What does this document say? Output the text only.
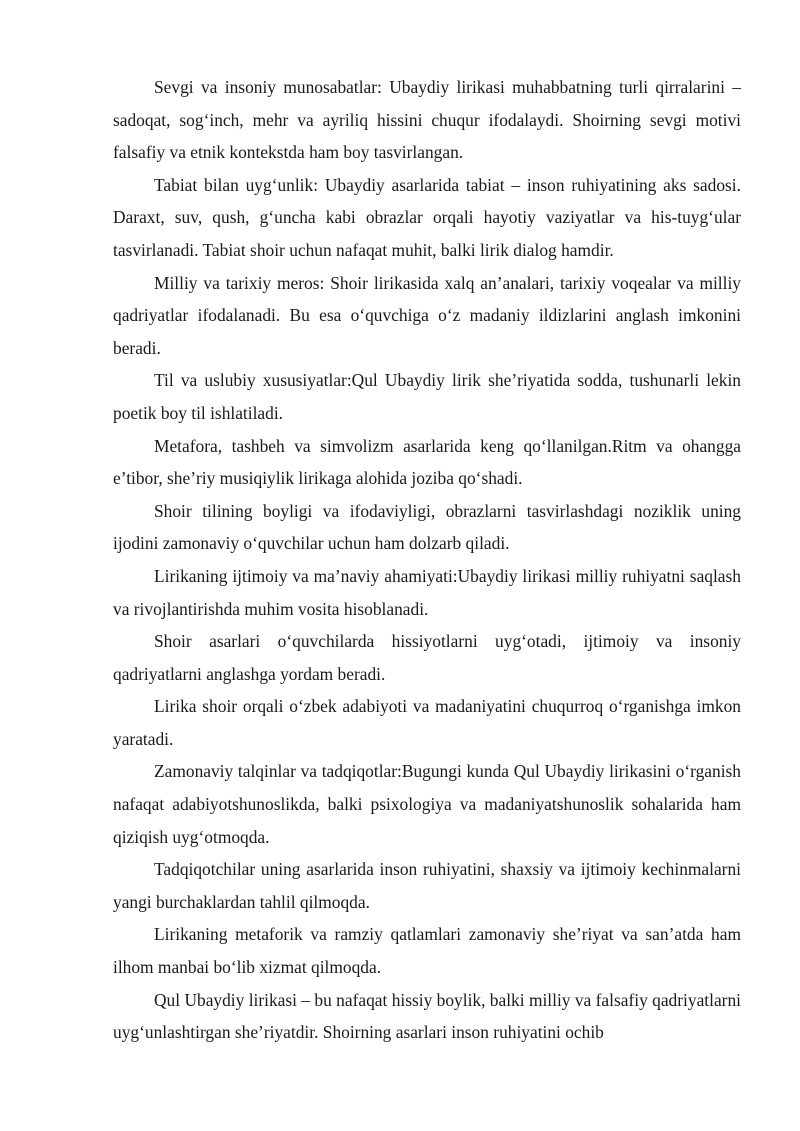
Sevgi va insoniy munosabatlar: Ubaydiy lirikasi muhabbatning turli qirralarini – sadoqat, sog‘inch, mehr va ayriliq hissini chuqur ifodalaydi. Shoirning sevgi motivi falsafiy va etnik kontekstda ham boy tasvirlangan.

Tabiat bilan uyg‘unlik: Ubaydiy asarlarida tabiat – inson ruhiyatining aks sadosi. Daraxt, suv, qush, g‘uncha kabi obrazlar orqali hayotiy vaziyatlar va his-tuyg‘ular tasvirlanadi. Tabiat shoir uchun nafaqat muhit, balki lirik dialog hamdir.

Milliy va tarixiy meros: Shoir lirikasida xalq an’analari, tarixiy voqealar va milliy qadriyatlar ifodalanadi. Bu esa o‘quvchiga o‘z madaniy ildizlarini anglash imkonini beradi.

Til va uslubiy xususiyatlar:Qul Ubaydiy lirik she’riyatida sodda, tushunarli lekin poetik boy til ishlatiladi.

Metafora, tashbeh va simvolizm asarlarida keng qo‘llanilgan.Ritm va ohangga e’tibor, she’riy musiqiylik lirikaga alohida joziba qo‘shadi.

Shoir tilining boyligi va ifodaviyligi, obrazlarni tasvirlashdagi noziklik uning ijodini zamonaviy o‘quvchilar uchun ham dolzarb qiladi.

Lirikaning ijtimoiy va ma’naviy ahamiyati:Ubaydiy lirikasi milliy ruhiyatni saqlash va rivojlantirishda muhim vosita hisoblanadi.

Shoir asarlari o‘quvchilarda hissiyotlarni uyg‘otadi, ijtimoiy va insoniy qadriyatlarni anglashga yordam beradi.

Lirika shoir orqali o‘zbek adabiyoti va madaniyatini chuqurroq o‘rganishga imkon yaratadi.

Zamonaviy talqinlar va tadqiqotlar:Bugungi kunda Qul Ubaydiy lirikasini o‘rganish nafaqat adabiyotshunoslikda, balki psixologiya va madaniyatshunoslik sohalarida ham qiziqish uyg‘otmoqda.

Tadqiqotchilar uning asarlarida inson ruhiyatini, shaxsiy va ijtimoiy kechinmalarni yangi burchaklardan tahlil qilmoqda.

Lirikaning metaforik va ramziy qatlamlari zamonaviy she’riyat va san’atda ham ilhom manbai bo‘lib xizmat qilmoqda.

Qul Ubaydiy lirikasi – bu nafaqat hissiy boylik, balki milliy va falsafiy qadriyatlarni uyg‘unlashtirgan she’riyatdir. Shoirning asarlari inson ruhiyatini ochib
